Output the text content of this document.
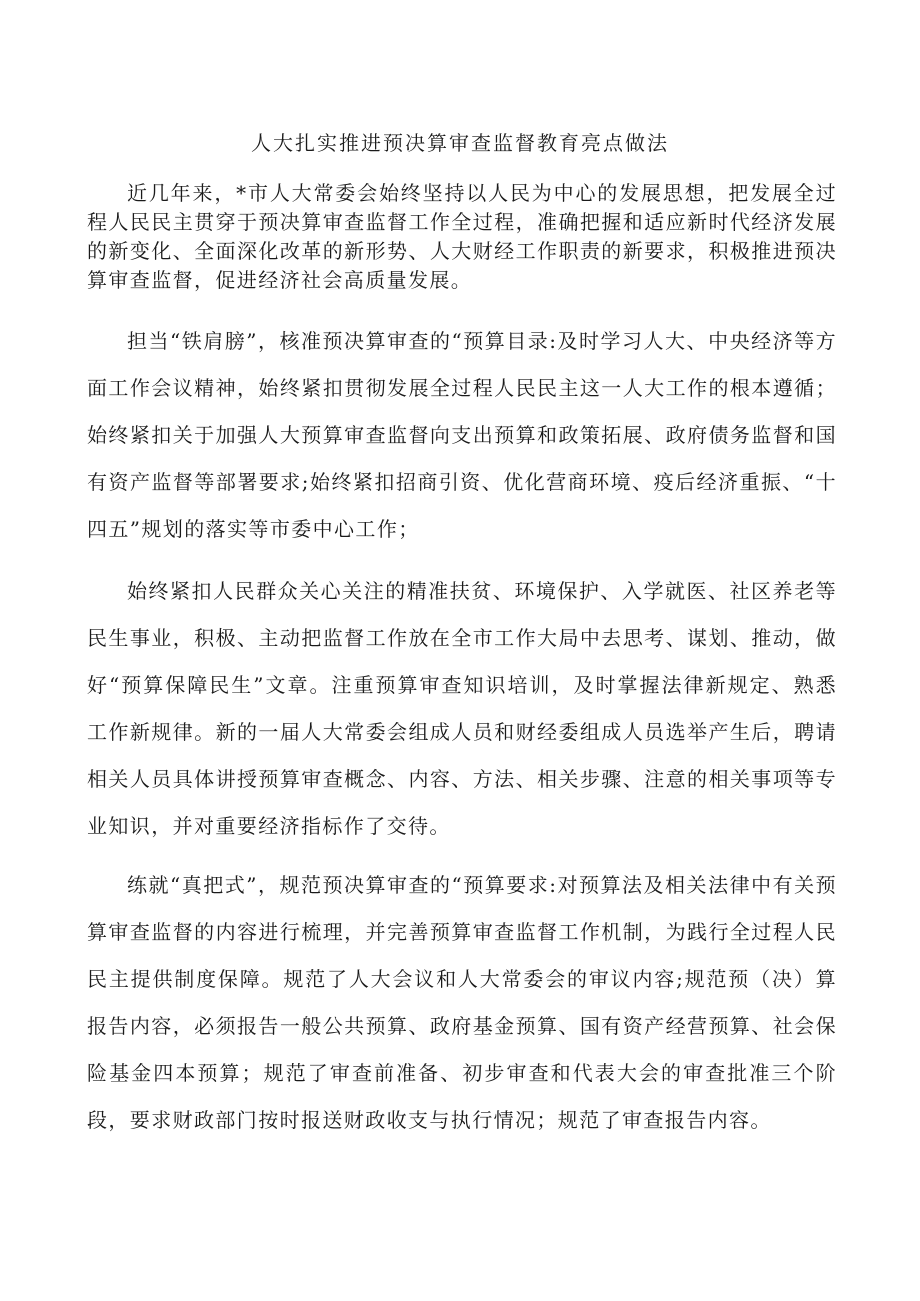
人大扎实推进预决算审查监督教育亮点做法

近几年来，*市人大常委会始终坚持以人民为中心的发展思想，把发展全过程人民民主贯穿于预决算审查监督工作全过程，准确把握和适应新时代经济发展的新变化、全面深化改革的新形势、人大财经工作职责的新要求，积极推进预决算审查监督，促进经济社会高质量发展。

担当“铁肩膀”，核准预决算审查的“预算目录:及时学习人大、中央经济等方面工作会议精神，始终紧扣贯彻发展全过程人民民主这一人大工作的根本遵循；始终紧扣关于加强人大预算审查监督向支出预算和政策拓展、政府债务监督和国有资产监督等部署要求;始终紧扣招商引资、优化营商环境、疫后经济重振、“十四五”规划的落实等市委中心工作；

始终紧扣人民群众关心关注的精准扶贫、环境保护、入学就医、社区养老等民生事业，积极、主动把监督工作放在全市工作大局中去思考、谋划、推动，做好“预算保障民生”文章。注重预算审查知识培训，及时掌握法律新规定、熟悉工作新规律。新的一届人大常委会组成人员和财经委组成人员选举产生后，聘请相关人员具体讲授预算审查概念、内容、方法、相关步骤、注意的相关事项等专业知识，并对重要经济指标作了交待。

练就“真把式”，规范预决算审查的“预算要求:对预算法及相关法律中有关预算审查监督的内容进行梳理，并完善预算审查监督工作机制，为践行全过程人民民主提供制度保障。规范了人大会议和人大常委会的审议内容;规范预（决）算报告内容，必须报告一般公共预算、政府基金预算、国有资产经营预算、社会保险基金四本预算；规范了审查前准备、初步审查和代表大会的审查批准三个阶段，要求财政部门按时报送财政收支与执行情况；规范了审查报告内容。
